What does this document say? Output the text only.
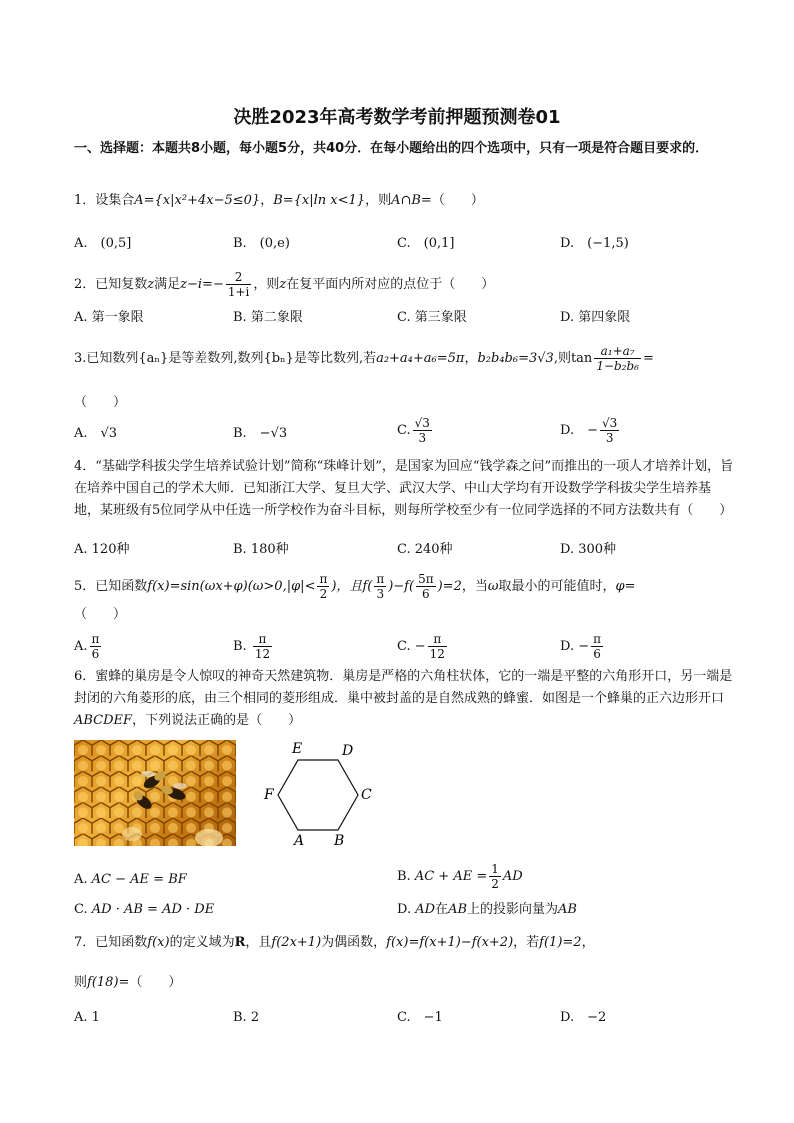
决胜2023年高考数学考前押题预测卷01
一、选择题：本题共8小题，每小题5分，共40分．在每小题给出的四个选项中，只有一项是符合题目要求的．
1．设集合A={x|x²+4x−5≤0}，B={x|ln x<1}，则A∩B=（　　）
A.　(0,5]	B.　(0,e)	C.　(0,1]	D.　(−1,5)
2．已知复数z满足$z-i=- \frac{2}{1+i}$ ，则z在复平面内所对应的点位于（　　）
A. 第一象限	B. 第二象限	C. 第三象限	D. 第四象限
3.已知数列{aₙ}是等差数列,数列{bₙ}是等比数列,若a₂+a₄+a₆=5π，b₂b₄b₆=3√3,则$\tan \frac{\text{a₁+a₇}}{\text{1−b₂b₆}}$ =
（　　）
A.　√3	B.　−√3	C. $\frac{√3}{3}$	D.　− $\frac{√3}{3}$
4．“基础学科拔尖学生培养试验计划”简称“珠峰计划”，是国家为回应“钱学森之问”而推出的一项人才培养计划，旨在培养中国自己的学术大师．已知浙江大学、复旦大学、武汉大学、中山大学均有开设数学学科拔尖学生培养基地，某班级有5位同学从中任选一所学校作为奋斗目标，则每所学校至少有一位同学选择的不同方法数共有（　　）
A. 120种	B. 180种	C. 240种	D. 300种
5．已知函数$f(x)=\sin(\omega x+\varphi)(\omega>0,|\varphi|< \frac{\pi}{2}$ )，且$f( \frac{\pi}{3} )-f( \frac{5\pi}{6} )=2$，当ω取最小的可能值时，φ=
（　　）
A. $\frac{\pi}{6}$	B. $\frac{\pi}{12}$	C. − $\frac{\pi}{12}$	D. − $\frac{\pi}{6}$
6．蜜蜂的巢房是令人惊叹的神奇天然建筑物．巢房是严格的六角柱状体，它的一端是平整的六角形开口，另一端是封闭的六角菱形的底，由三个相同的菱形组成．巢中被封盖的是自然成熟的蜂蜜．如图是一个蜂巢的正六边形开口ABCDEF，下列说法正确的是（　　）
A B
C
D
E
F
A. AC − AE = BF	B. AC + AE = $\frac{1}{2}$ AD
C. AD · AB = AD · DE	D. AD在AB上的投影向量为AB
7．已知函数f(x)的定义域为R，且f(2x+1)为偶函数，f(x)=f(x+1)−f(x+2)，若f(1)=2，
则f(18)=（　　）
A. 1	B. 2	C.　−1	D.　−2
